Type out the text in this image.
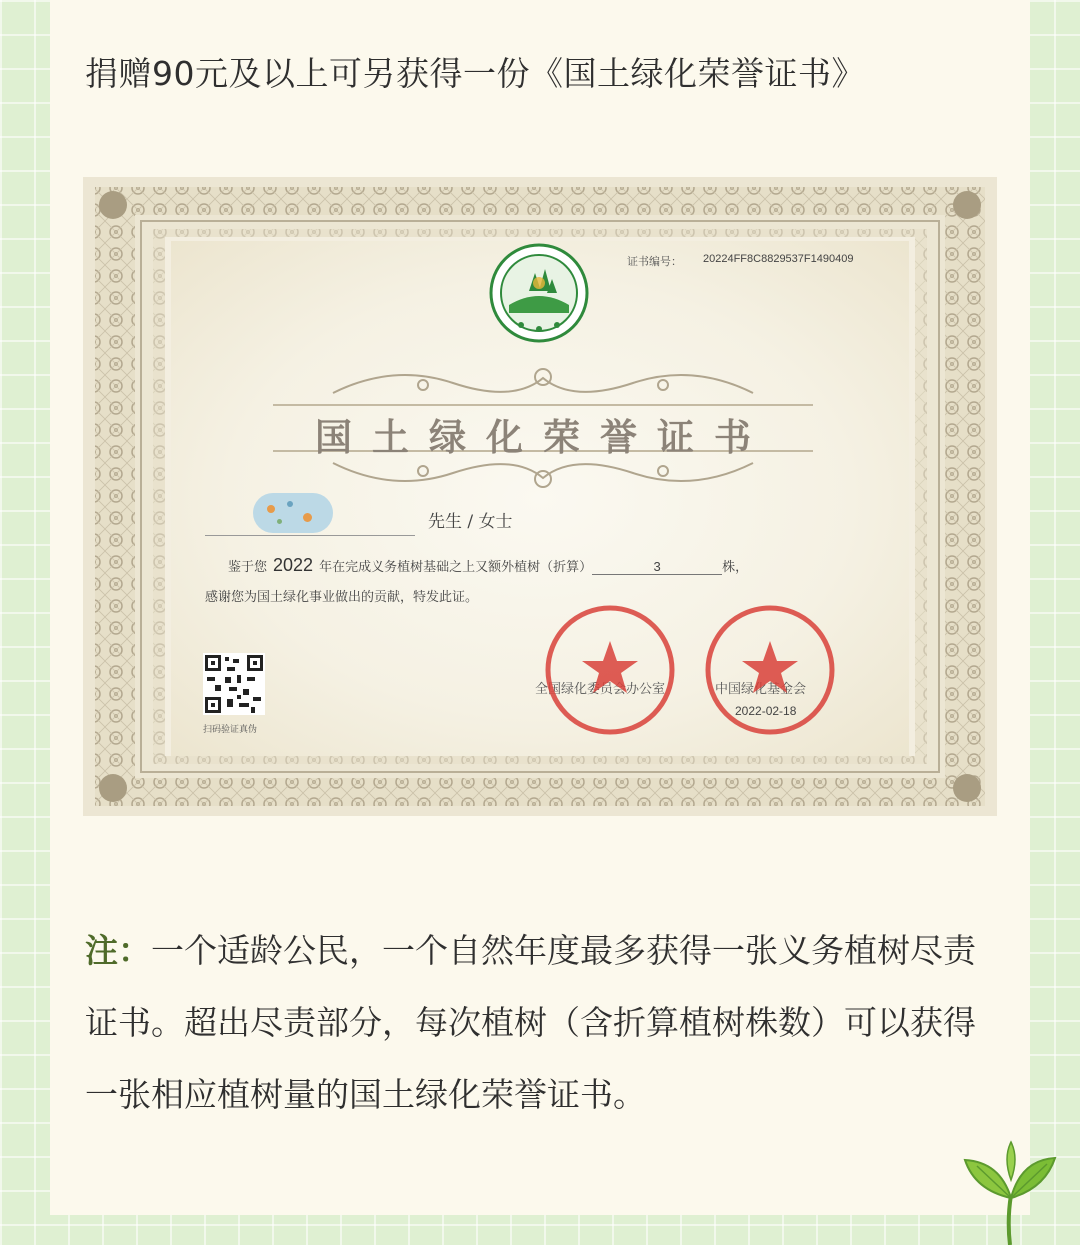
捐赠90元及以上可另获得一份《国土绿化荣誉证书》
证书编号： 20224FF8C8829537F1490409
国土绿化荣誉证书
先生 / 女士
鉴于您 2022 年在完成义务植树基础之上又额外植树（折算）	3	株，
感谢您为国土绿化事业做出的贡献，特发此证。
扫码验证真伪
全国绿化委员会办公室	中国绿化基金会
2022-02-18
注：一个适龄公民，一个自然年度最多获得一张义务植树尽责证书。超出尽责部分，每次植树（含折算植树株数）可以获得一张相应植树量的国土绿化荣誉证书。
